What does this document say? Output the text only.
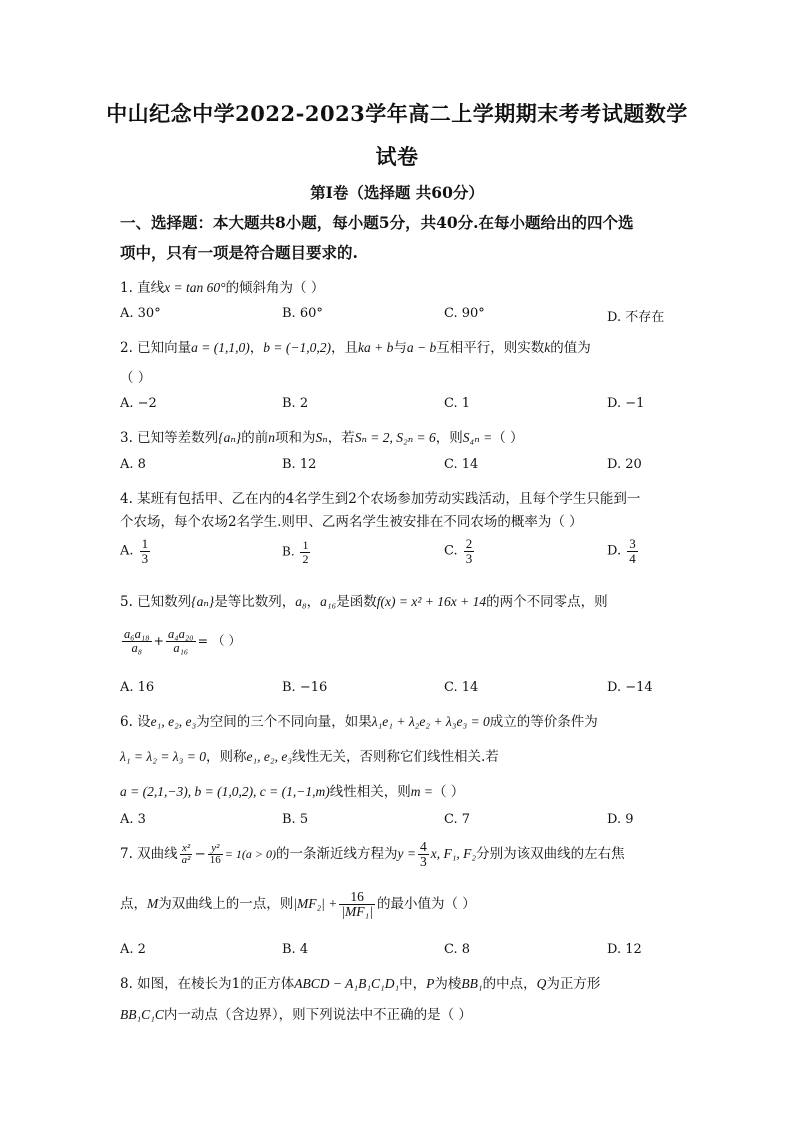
中山纪念中学2022-2023学年高二上学期期末考考试题数学
试卷
第I卷（选择题 共60分）
一、选择题：本大题共8小题，每小题5分，共40分.在每小题给出的四个选
项中，只有一项是符合题目要求的.
1. 直线x = tan 60°的倾斜角为（ ）
A. 30°	B. 60°	C. 90°	D. 不存在
2. 已知向量a = (1,1,0)，b = (−1,0,2)，且ka + b与a − b互相平行，则实数k的值为
（ ）
A. −2	B. 2	C. 1	D. −1
3. 已知等差数列{aₙ}的前n项和为Sₙ，若Sₙ = 2, S₂ₙ = 6，则S₄ₙ =（ ）
A. 8	B. 12	C. 14	D. 20
4. 某班有包括甲、乙在内的4名学生到2个农场参加劳动实践活动，且每个学生只能到一
个农场，每个农场2名学生.则甲、乙两名学生被安排在不同农场的概率为（ ）
A. $\frac{1}{3}$	B. $\frac{1}{2}$	C. $\frac{2}{3}$	D. $\frac{3}{4}$
5. 已知数列{aₙ}是等比数列，a₈，a₁₆是函数f(x) = x² + 16x + 14的两个不同零点，则
$\frac{\text{a₆a₁₈}}{\text{a₈}} + \frac{\text{a₄a₂₀}}{\text{a₁₆}}$ = （ ）
A. 16	B. −16	C. 14	D. −14
6. 设e₁, e₂, e₃为空间的三个不同向量，如果λ₁e₁ + λ₂e₂ + λ₃e₃ = 0成立的等价条件为
λ₁ = λ₂ = λ₃ = 0，则称e₁, e₂, e₃线性无关，否则称它们线性相关.若
a = (2,1,−3), b = (1,0,2), c = (1,−1,m)线性相关，则m =（ ）
A. 3	B. 5	C. 7	D. 9
7. 双曲线 $\frac{\text{x²}}{\text{a²}} - \frac{\text{y²}}{16} = 1(a > 0)$的一条渐近线方程为$y = \frac{4}{3} x$, F₁, F₂分别为该双曲线的左右焦
点，M为双曲线上的一点，则$|MF_2| + \frac{16}{\text{|MF₁|}}$ 的最小值为（ ）
A. 2	B. 4	C. 8	D. 12
8. 如图，在棱长为1的正方体ABCD − A₁B₁C₁D₁中，P为棱BB₁的中点，Q为正方形
BB₁C₁C内一动点（含边界），则下列说法中不正确的是（ ）
